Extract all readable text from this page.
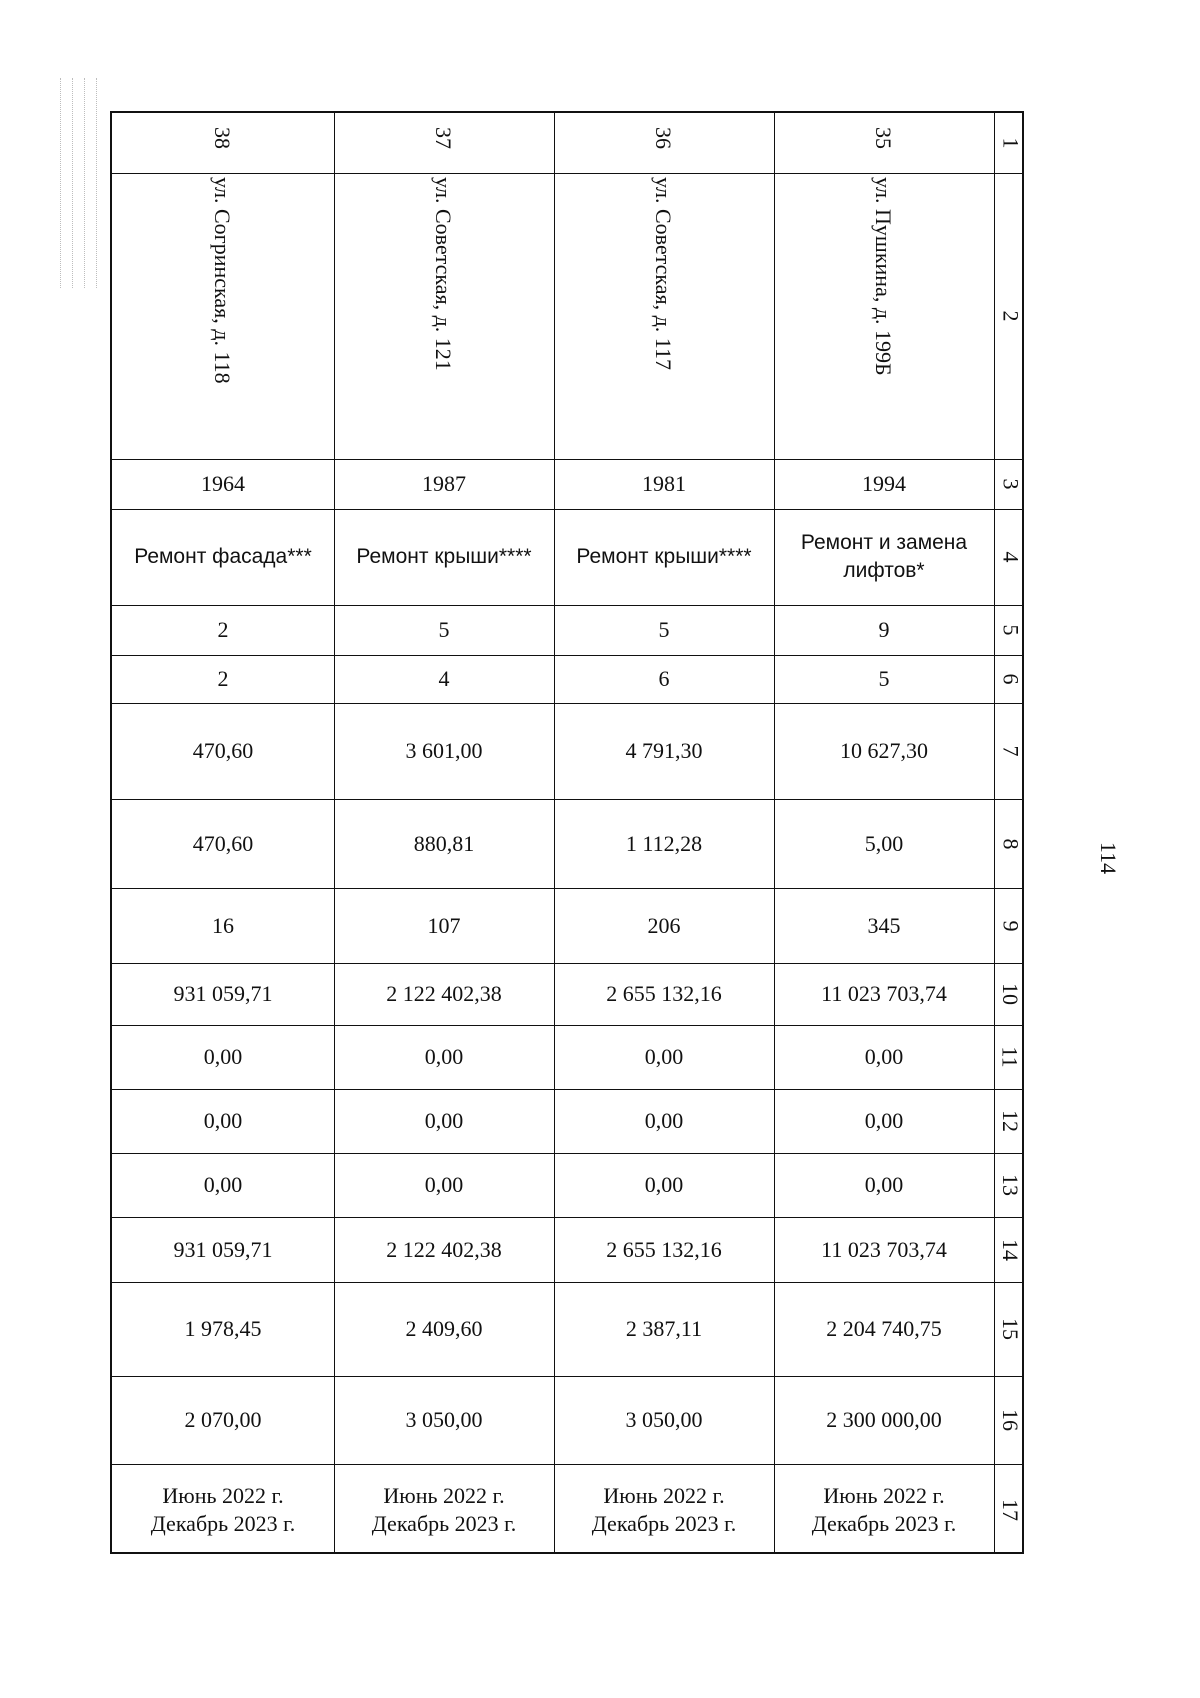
114
1
2
3
4
5
6
7
8
9
10
11
12
13
14
15
16
17
35
ул. Пушкина, д. 199Б
1994
Ремонт и замена
лифтов*
9
5
10 627,30
5,00
345
11 023 703,74
0,00
0,00
0,00
11 023 703,74
2 204 740,75
2 300 000,00
Июнь 2022 г.
Декабрь 2023 г.
36
ул. Советская, д. 117
1981
Ремонт крыши****
5
6
4 791,30
1 112,28
206
2 655 132,16
0,00
0,00
0,00
2 655 132,16
2 387,11
3 050,00
Июнь 2022 г.
Декабрь 2023 г.
37
ул. Советская, д. 121
1987
Ремонт крыши****
5
4
3 601,00
880,81
107
2 122 402,38
0,00
0,00
0,00
2 122 402,38
2 409,60
3 050,00
Июнь 2022 г.
Декабрь 2023 г.
38
ул. Согринская, д. 118
1964
Ремонт фасада***
2
2
470,60
470,60
16
931 059,71
0,00
0,00
0,00
931 059,71
1 978,45
2 070,00
Июнь 2022 г.
Декабрь 2023 г.
